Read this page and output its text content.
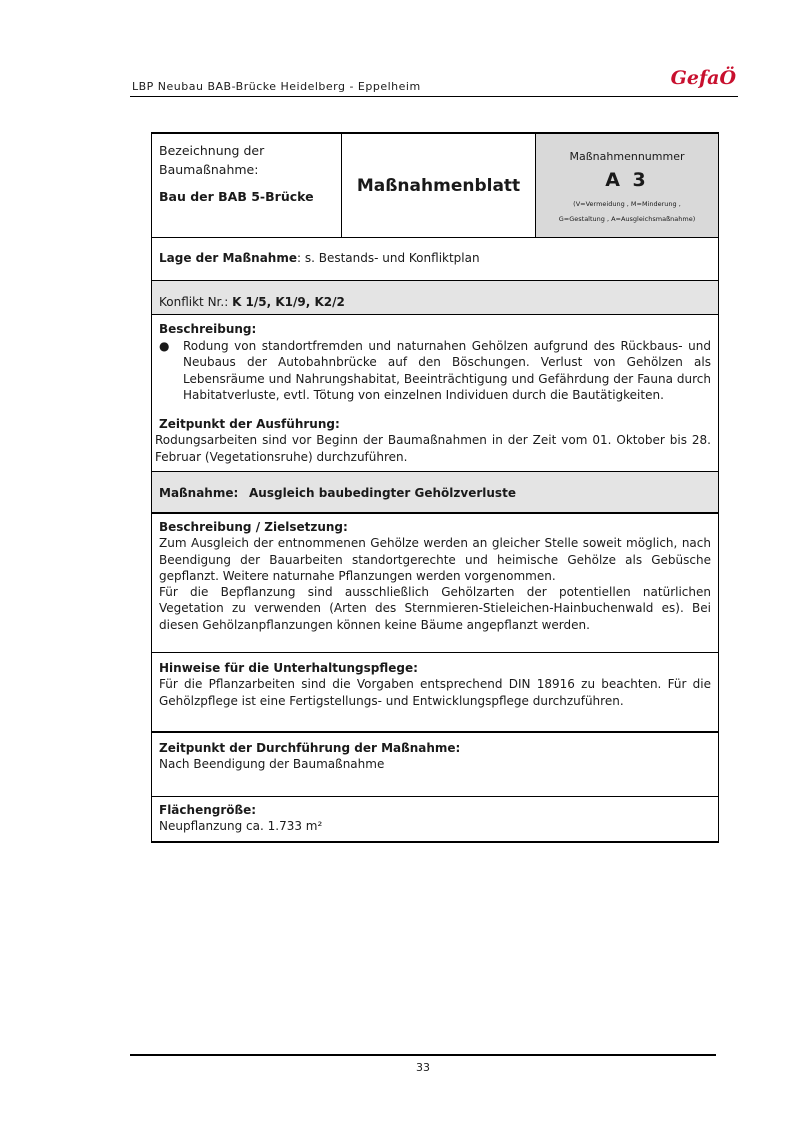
LBP Neubau BAB-Brücke Heidelberg - Eppelheim	GefaÖ
Bezeichnung der Baumaßnahme:
Bau der BAB 5-Brücke
Maßnahmenblatt
Maßnahmennummer
A 3
(V=Vermeidung , M=Minderung ,
G=Gestaltung , A=Ausgleichsmaßnahme)
Lage der Maßnahme: s. Bestands- und Konfliktplan
Konflikt Nr.: K 1/5, K1/9, K2/2
Beschreibung:
●	Rodung von standortfremden und naturnahen Gehölzen aufgrund des Rückbaus- und Neubaus der Autobahnbrücke auf den Böschungen. Verlust von Gehölzen als Lebensräume und Nahrungshabitat, Beeinträchtigung und Gefährdung der Fauna durch Habitatverluste, evtl. Tötung von einzelnen Individuen durch die Bautätigkeiten.
Zeitpunkt der Ausführung:
Rodungsarbeiten sind vor Beginn der Baumaßnahmen in der Zeit vom 01. Oktober bis 28. Februar (Vegetationsruhe) durchzuführen.
Maßnahme: Ausgleich baubedingter Gehölzverluste
Beschreibung / Zielsetzung:
Zum Ausgleich der entnommenen Gehölze werden an gleicher Stelle soweit möglich, nach Beendigung der Bauarbeiten standortgerechte und heimische Gehölze als Gebüsche gepflanzt. Weitere naturnahe Pflanzungen werden vorgenommen.
Für die Bepflanzung sind ausschließlich Gehölzarten der potentiellen natürlichen Vegetation zu verwenden (Arten des Sternmieren-Stieleichen-Hainbuchenwald es). Bei diesen Gehölzanpflanzungen können keine Bäume angepflanzt werden.
Hinweise für die Unterhaltungspflege:
Für die Pflanzarbeiten sind die Vorgaben entsprechend DIN 18916 zu beachten. Für die Gehölzpflege ist eine Fertigstellungs- und Entwicklungspflege durchzuführen.
Zeitpunkt der Durchführung der Maßnahme:
Nach Beendigung der Baumaßnahme
Flächengröße:
Neupflanzung ca. 1.733 m²
33
